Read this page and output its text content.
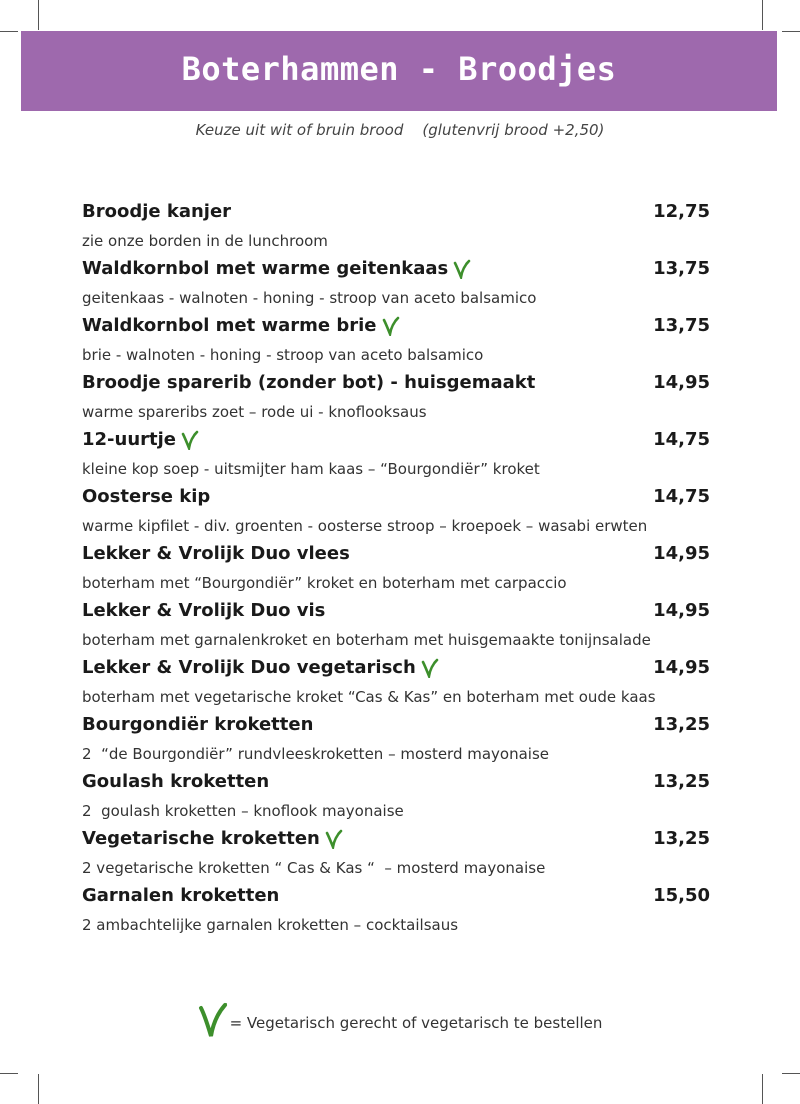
Boterhammen - Broodjes
Keuze uit wit of bruin brood    (glutenvrij brood +2,50)
Broodje kanjer	12,75
zie onze borden in de lunchroom
Waldkornbol met warme geitenkaas	13,75
geitenkaas - walnoten - honing - stroop van aceto balsamico
Waldkornbol met warme brie	13,75
brie - walnoten - honing - stroop van aceto balsamico
Broodje sparerib (zonder bot) - huisgemaakt	14,95
warme spareribs zoet – rode ui - knoflooksaus
12-uurtje	14,75
kleine kop soep - uitsmijter ham kaas – “Bourgondiër” kroket
Oosterse kip	14,75
warme kipfilet - div. groenten - oosterse stroop – kroepoek – wasabi erwten
Lekker & Vrolijk Duo vlees	14,95
boterham met “Bourgondiër” kroket en boterham met carpaccio
Lekker & Vrolijk Duo vis	14,95
boterham met garnalenkroket en boterham met huisgemaakte tonijnsalade
Lekker & Vrolijk Duo vegetarisch	14,95
boterham met vegetarische kroket “Cas & Kas” en boterham met oude kaas
Bourgondiër kroketten	13,25
2  “de Bourgondiër” rundvleeskroketten – mosterd mayonaise
Goulash kroketten	13,25
2  goulash kroketten – knoflook mayonaise
Vegetarische kroketten	13,25
2 vegetarische kroketten “ Cas & Kas “  – mosterd mayonaise
Garnalen kroketten	15,50
2 ambachtelijke garnalen kroketten – cocktailsaus
= Vegetarisch gerecht of vegetarisch te bestellen
